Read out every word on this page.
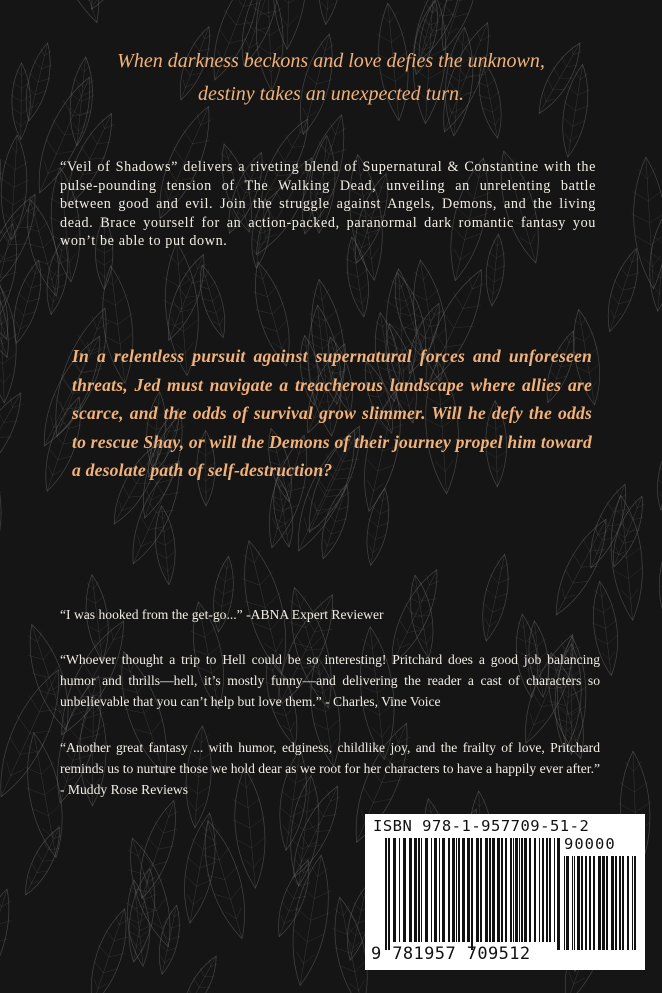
When darkness beckons and love defies the unknown,
destiny takes an unexpected turn.

“Veil of Shadows” delivers a riveting blend of Supernatural & Constantine with the pulse-pounding tension of The Walking Dead, unveiling an unrelenting battle between good and evil. Join the struggle against Angels, Demons, and the living dead. Brace yourself for an action-packed, paranormal dark romantic fantasy you won’t be able to put down.

In a relentless pursuit against supernatural forces and unforeseen threats, Jed must navigate a treacherous landscape where allies are scarce, and the odds of survival grow slimmer. Will he defy the odds to rescue Shay, or will the Demons of their journey propel him toward a desolate path of self-destruction?

“I was hooked from the get-go...” -ABNA Expert Reviewer

“Whoever thought a trip to Hell could be so interesting! Pritchard does a good job balancing humor and thrills—hell, it’s mostly funny—and delivering the reader a cast of characters so unbelievable that you can’t help but love them.” - Charles, Vine Voice

“Another great fantasy ... with humor, edginess, childlike joy, and the frailty of love, Pritchard reminds us to nurture those we hold dear as we root for her characters to have a happily ever after.” - Muddy Rose Reviews

ISBN 978-1-957709-51-2
90000
9 781957 709512
